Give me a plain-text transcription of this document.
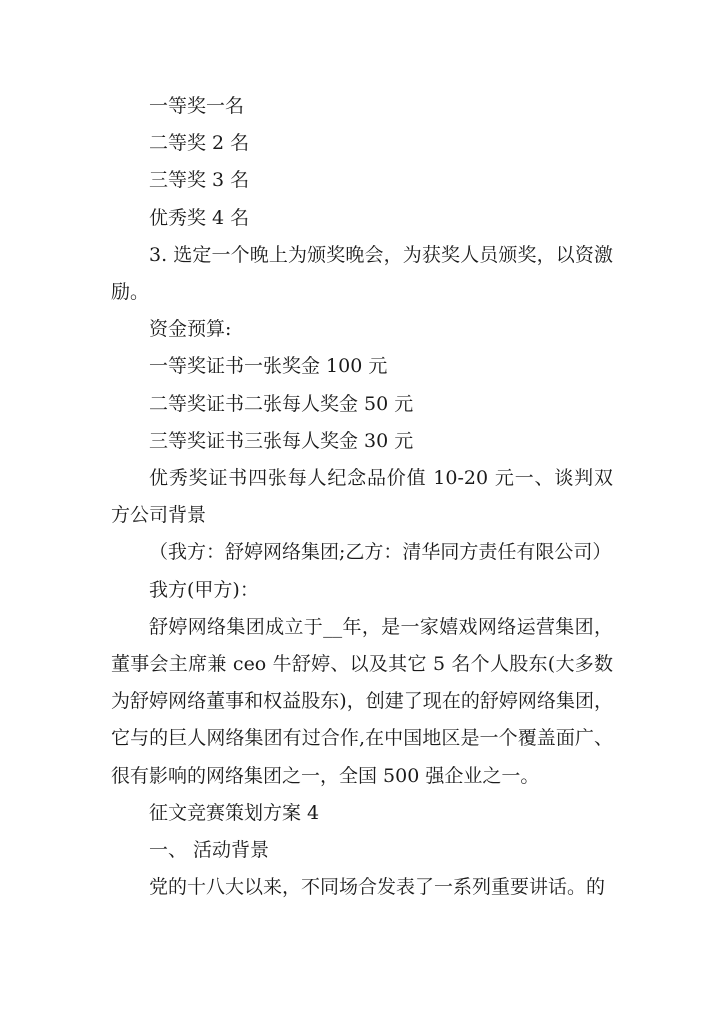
一等奖一名

二等奖 2 名

三等奖 3 名

优秀奖 4 名

3. 选定一个晚上为颁奖晚会，为获奖人员颁奖，以资激励。

资金预算:

一等奖证书一张奖金 100 元

二等奖证书二张每人奖金 50 元

三等奖证书三张每人奖金 30 元

优秀奖证书四张每人纪念品价值 10-20 元一、谈判双方公司背景

（我方：舒婷网络集团;乙方：清华同方责任有限公司）

我方(甲方)：

舒婷网络集团成立于__年，是一家嬉戏网络运营集团，董事会主席兼 ceo 牛舒婷、以及其它 5 名个人股东(大多数为舒婷网络董事和权益股东)，创建了现在的舒婷网络集团，它与的巨人网络集团有过合作,在中国地区是一个覆盖面广、很有影响的网络集团之一，全国 500 强企业之一。

征文竞赛策划方案 4

一、 活动背景

党的十八大以来，不同场合发表了一系列重要讲话。的
